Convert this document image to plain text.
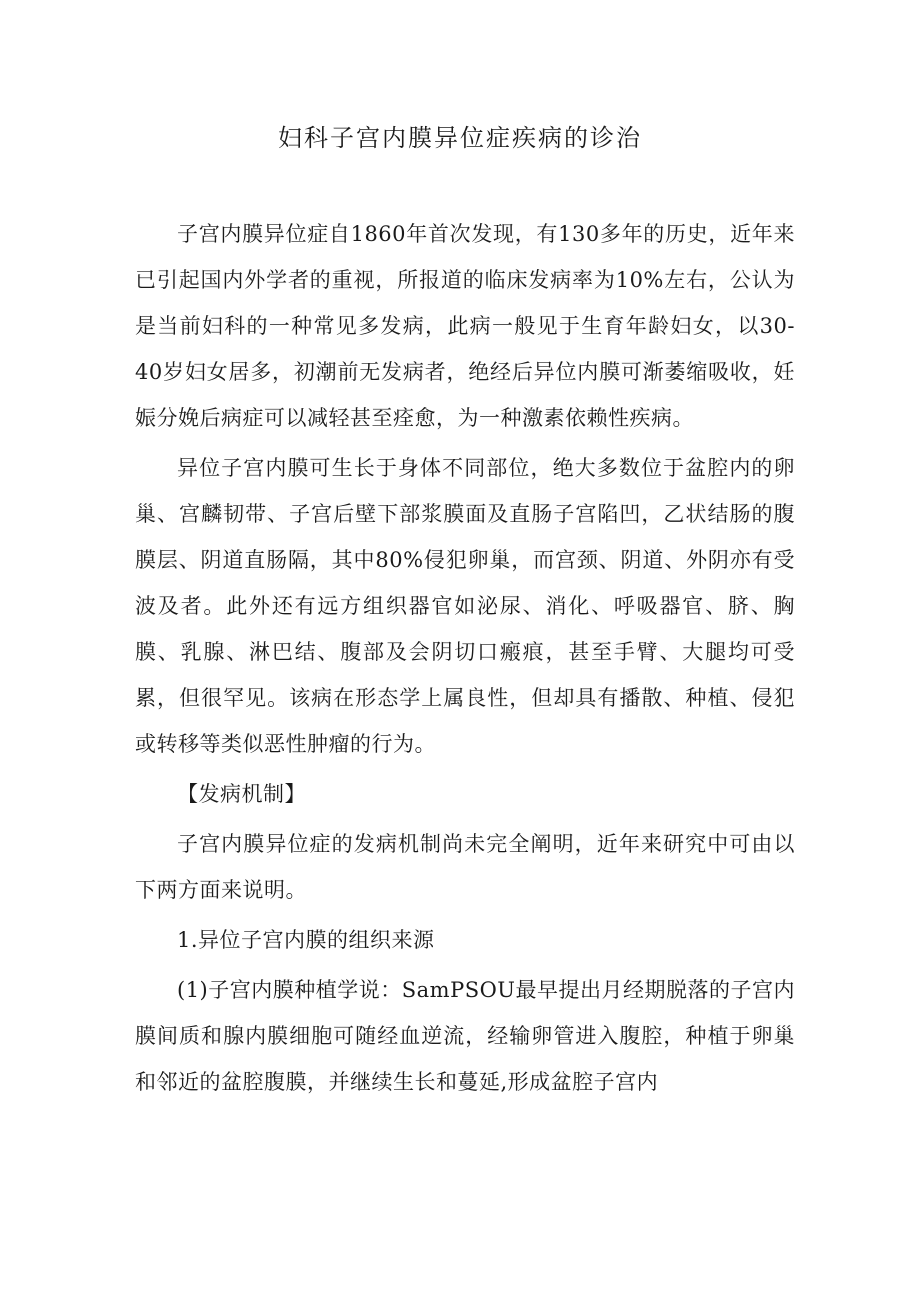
妇科子宫内膜异位症疾病的诊治

子宫内膜异位症自1860年首次发现，有130多年的历史，近年来已引起国内外学者的重视，所报道的临床发病率为10%左右，公认为是当前妇科的一种常见多发病，此病一般见于生育年龄妇女，以30-40岁妇女居多，初潮前无发病者，绝经后异位内膜可渐萎缩吸收，妊娠分娩后病症可以减轻甚至痊愈，为一种激素依赖性疾病。

异位子宫内膜可生长于身体不同部位，绝大多数位于盆腔内的卵巢、宫麟韧带、子宫后壁下部浆膜面及直肠子宫陷凹，乙状结肠的腹膜层、阴道直肠隔，其中80%侵犯卵巢，而宫颈、阴道、外阴亦有受波及者。此外还有远方组织器官如泌尿、消化、呼吸器官、脐、胸膜、乳腺、淋巴结、腹部及会阴切口瘢痕，甚至手臂、大腿均可受累，但很罕见。该病在形态学上属良性，但却具有播散、种植、侵犯或转移等类似恶性肿瘤的行为。

【发病机制】

子宫内膜异位症的发病机制尚未完全阐明，近年来研究中可由以下两方面来说明。

1.异位子宫内膜的组织来源

(1)子宫内膜种植学说：SamPSOU最早提出月经期脱落的子宫内膜间质和腺内膜细胞可随经血逆流，经输卵管进入腹腔，种植于卵巢和邻近的盆腔腹膜，并继续生长和蔓延,形成盆腔子宫内
